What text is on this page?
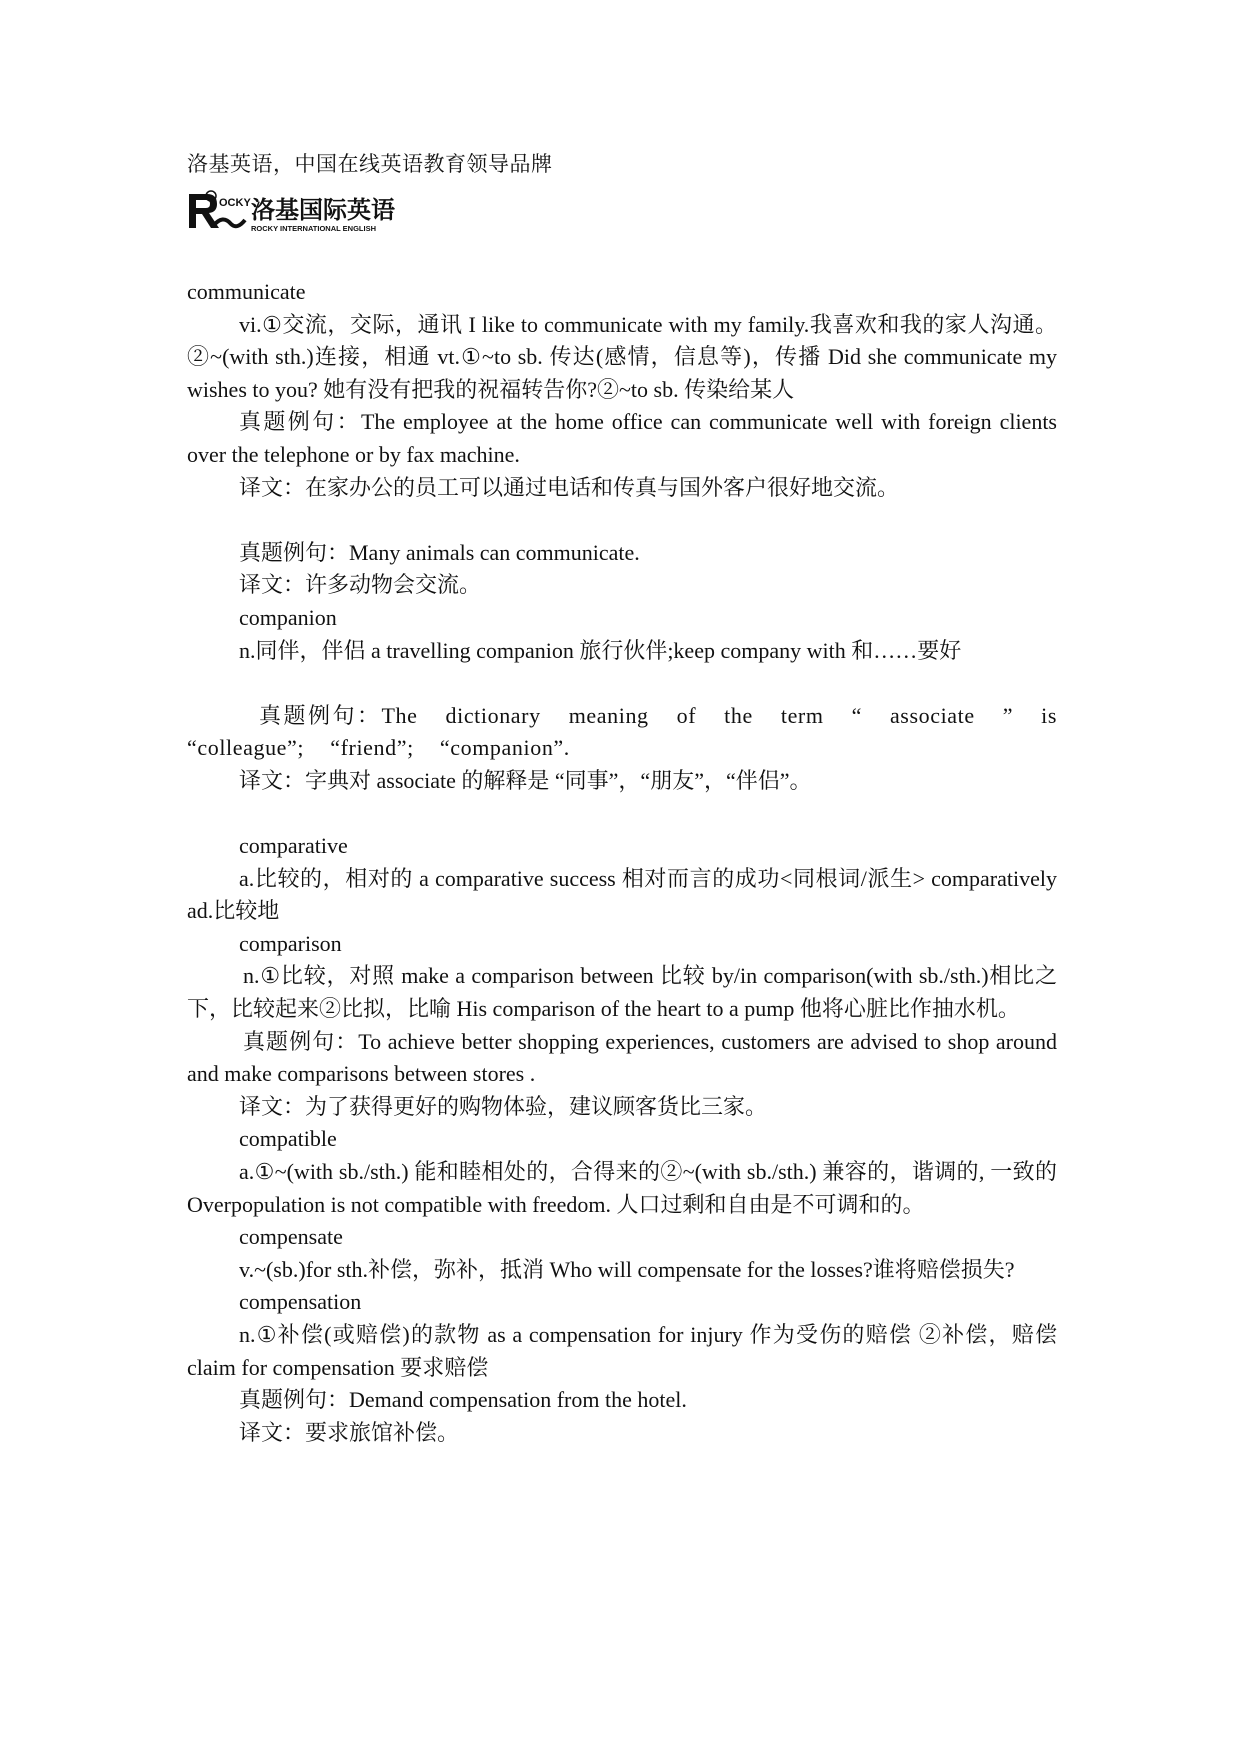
洛基英语，中国在线英语教育领导品牌
OCKY 洛基国际英语
ROCKY INTERNATIONAL ENGLISH

communicate

vi.①交流，交际，通讯 I like to communicate with my family.我喜欢和我的家人沟通。②~(with sth.)连接，相通 vt.①~to sb. 传达(感情，信息等)，传播 Did she communicate my wishes to you? 她有没有把我的祝福转告你?②~to sb. 传染给某人

真题例句：The employee at the home office can communicate well with foreign clients over the telephone or by fax machine.

译文：在家办公的员工可以通过电话和传真与国外客户很好地交流。

真题例句：Many animals can communicate.

译文：许多动物会交流。

companion

n.同伴，伴侣 a travelling companion 旅行伙伴;keep company with 和……要好

真题例句：The dictionary meaning of the term “ associate ” is “colleague”; “friend”; “companion”.

译文：字典对 associate 的解释是 “同事”，“朋友”，“伴侣”。

comparative

a.比较的，相对的 a comparative success 相对而言的成功<同根词/派生> comparatively ad.比较地

comparison

n.①比较，对照 make a comparison between 比较 by/in comparison(with sb./sth.)相比之下，比较起来②比拟，比喻 His comparison of the heart to a pump 他将心脏比作抽水机。

真题例句：To achieve better shopping experiences, customers are advised to shop around and make comparisons between stores .

译文：为了获得更好的购物体验，建议顾客货比三家。

compatible

a.①~(with sb./sth.) 能和睦相处的，合得来的②~(with sb./sth.) 兼容的，谐调的, 一致的 Overpopulation is not compatible with freedom. 人口过剩和自由是不可调和的。

compensate

v.~(sb.)for sth.补偿，弥补，抵消 Who will compensate for the losses?谁将赔偿损失?

compensation

n.①补偿(或赔偿)的款物 as a compensation for injury 作为受伤的赔偿 ②补偿，赔偿 claim for compensation 要求赔偿

真题例句：Demand compensation from the hotel.

译文：要求旅馆补偿。
